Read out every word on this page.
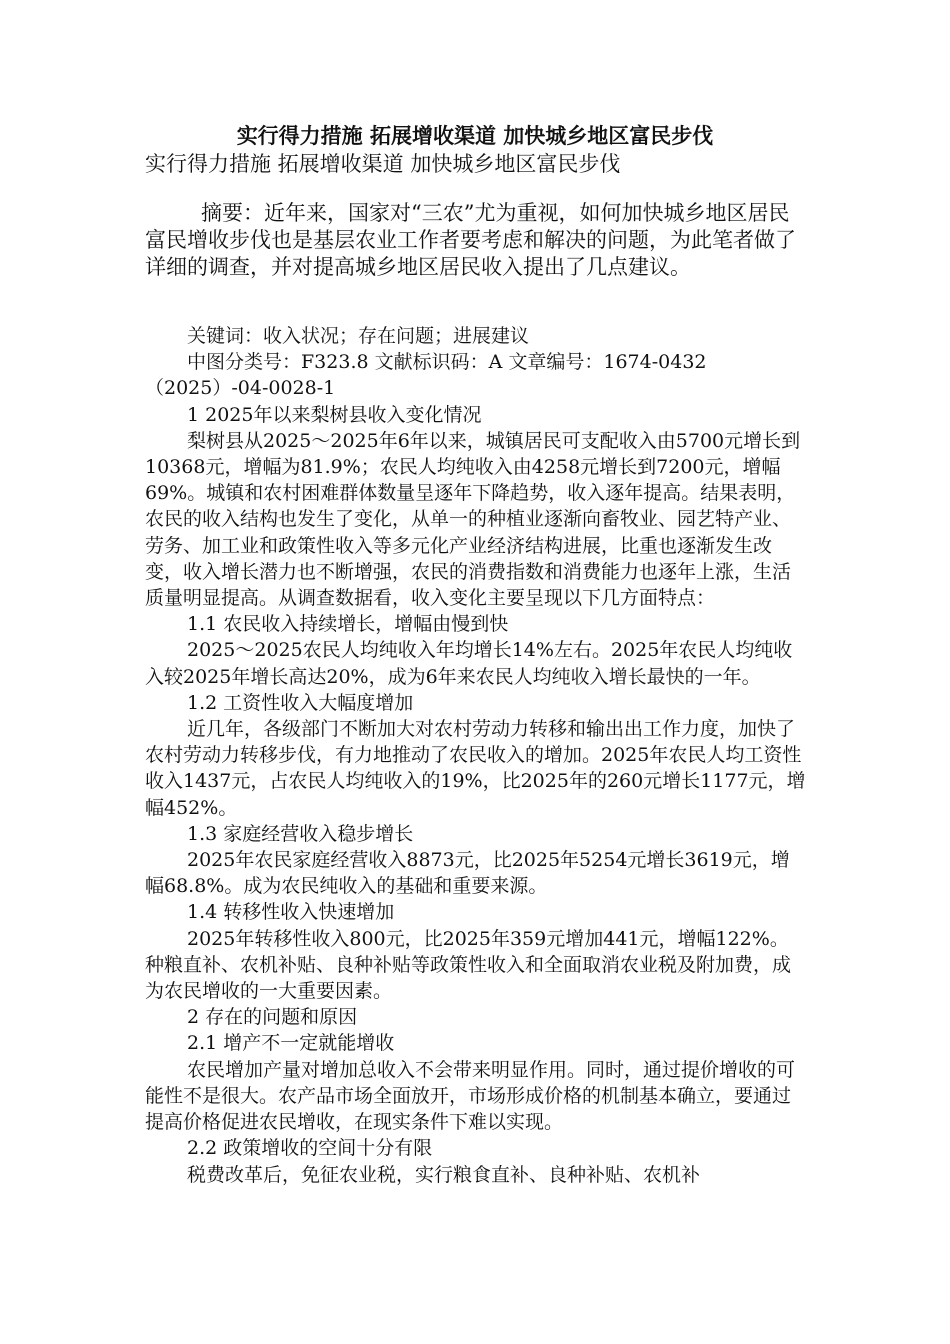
实行得力措施 拓展增收渠道 加快城乡地区富民步伐
实行得力措施 拓展增收渠道 加快城乡地区富民步伐

摘要：近年来，国家对“三农”尤为重视，如何加快城乡地区居民富民增收步伐也是基层农业工作者要考虑和解决的问题，为此笔者做了详细的调查，并对提高城乡地区居民收入提出了几点建议。

关键词：收入状况；存在问题；进展建议

中图分类号：F323.8 文献标识码：A 文章编号：1674-0432（2025）-04-0028-1

1 2025年以来梨树县收入变化情况

梨树县从2025～2025年6年以来，城镇居民可支配收入由5700元增长到10368元，增幅为81.9%；农民人均纯收入由4258元增长到7200元，增幅69%。城镇和农村困难群体数量呈逐年下降趋势，收入逐年提高。结果表明，农民的收入结构也发生了变化，从单一的种植业逐渐向畜牧业、园艺特产业、劳务、加工业和政策性收入等多元化产业经济结构进展，比重也逐渐发生改变，收入增长潜力也不断增强，农民的消费指数和消费能力也逐年上涨，生活质量明显提高。从调查数据看，收入变化主要呈现以下几方面特点：

1.1 农民收入持续增长，增幅由慢到快

2025～2025农民人均纯收入年均增长14%左右。2025年农民人均纯收入较2025年增长高达20%，成为6年来农民人均纯收入增长最快的一年。

1.2 工资性收入大幅度增加

近几年，各级部门不断加大对农村劳动力转移和输出出工作力度，加快了农村劳动力转移步伐，有力地推动了农民收入的增加。2025年农民人均工资性收入1437元，占农民人均纯收入的19%，比2025年的260元增长1177元，增幅452%。

1.3 家庭经营收入稳步增长

2025年农民家庭经营收入8873元，比2025年5254元增长3619元，增幅68.8%。成为农民纯收入的基础和重要来源。

1.4 转移性收入快速增加

2025年转移性收入800元，比2025年359元增加441元，增幅122%。种粮直补、农机补贴、良种补贴等政策性收入和全面取消农业税及附加费，成为农民增收的一大重要因素。

2 存在的问题和原因

2.1 增产不一定就能增收

农民增加产量对增加总收入不会带来明显作用。同时，通过提价增收的可能性不是很大。农产品市场全面放开，市场形成价格的机制基本确立，要通过提高价格促进农民增收，在现实条件下难以实现。

2.2 政策增收的空间十分有限

税费改革后，免征农业税，实行粮食直补、良种补贴、农机补
